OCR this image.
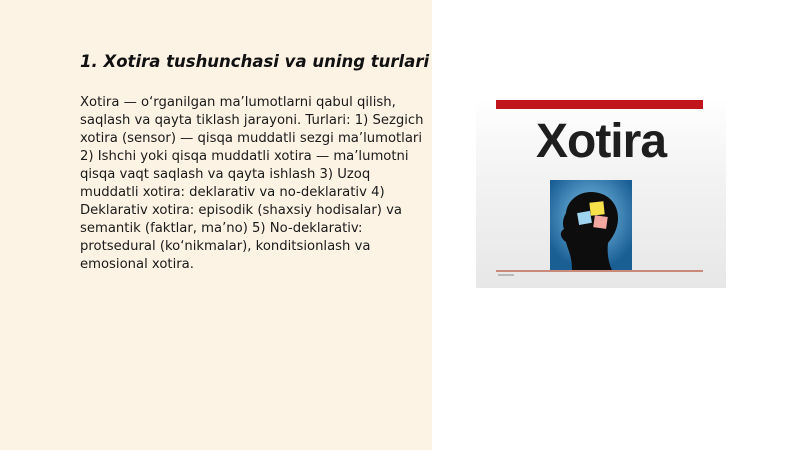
1. Xotira tushunchasi va uning turlari

Xotira — o‘rganilgan ma’lumotlarni qabul qilish, saqlash va qayta tiklash jarayoni. Turlari: 1) Sezgich xotira (sensor) — qisqa muddatli sezgi ma’lumotlari 2) Ishchi yoki qisqa muddatli xotira — ma’lumotni qisqa vaqt saqlash va qayta ishlash 3) Uzoq muddatli xotira: deklarativ va no-deklarativ 4) Deklarativ xotira: episodik (shaxsiy hodisalar) va semantik (faktlar, ma’no) 5) No-deklarativ: protsedural (ko‘nikmalar), konditsionlash va emosional xotira.

Xotira
